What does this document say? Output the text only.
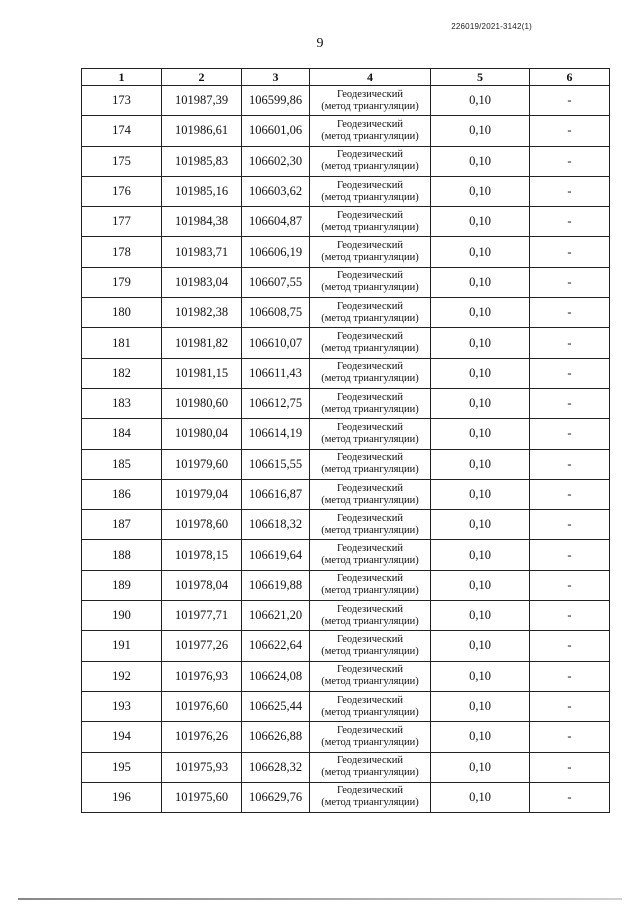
226019/2021-3142(1)
9
1	2	3	4	5	6
173	101987,39	106599,86	Геодезический
(метод триангуляции)	0,10	-
174	101986,61	106601,06	Геодезический
(метод триангуляции)	0,10	-
175	101985,83	106602,30	Геодезический
(метод триангуляции)	0,10	-
176	101985,16	106603,62	Геодезический
(метод триангуляции)	0,10	-
177	101984,38	106604,87	Геодезический
(метод триангуляции)	0,10	-
178	101983,71	106606,19	Геодезический
(метод триангуляции)	0,10	-
179	101983,04	106607,55	Геодезический
(метод триангуляции)	0,10	-
180	101982,38	106608,75	Геодезический
(метод триангуляции)	0,10	-
181	101981,82	106610,07	Геодезический
(метод триангуляции)	0,10	-
182	101981,15	106611,43	Геодезический
(метод триангуляции)	0,10	-
183	101980,60	106612,75	Геодезический
(метод триангуляции)	0,10	-
184	101980,04	106614,19	Геодезический
(метод триангуляции)	0,10	-
185	101979,60	106615,55	Геодезический
(метод триангуляции)	0,10	-
186	101979,04	106616,87	Геодезический
(метод триангуляции)	0,10	-
187	101978,60	106618,32	Геодезический
(метод триангуляции)	0,10	-
188	101978,15	106619,64	Геодезический
(метод триангуляции)	0,10	-
189	101978,04	106619,88	Геодезический
(метод триангуляции)	0,10	-
190	101977,71	106621,20	Геодезический
(метод триангуляции)	0,10	-
191	101977,26	106622,64	Геодезический
(метод триангуляции)	0,10	-
192	101976,93	106624,08	Геодезический
(метод триангуляции)	0,10	-
193	101976,60	106625,44	Геодезический
(метод триангуляции)	0,10	-
194	101976,26	106626,88	Геодезический
(метод триангуляции)	0,10	-
195	101975,93	106628,32	Геодезический
(метод триангуляции)	0,10	-
196	101975,60	106629,76	Геодезический
(метод триангуляции)	0,10	-
